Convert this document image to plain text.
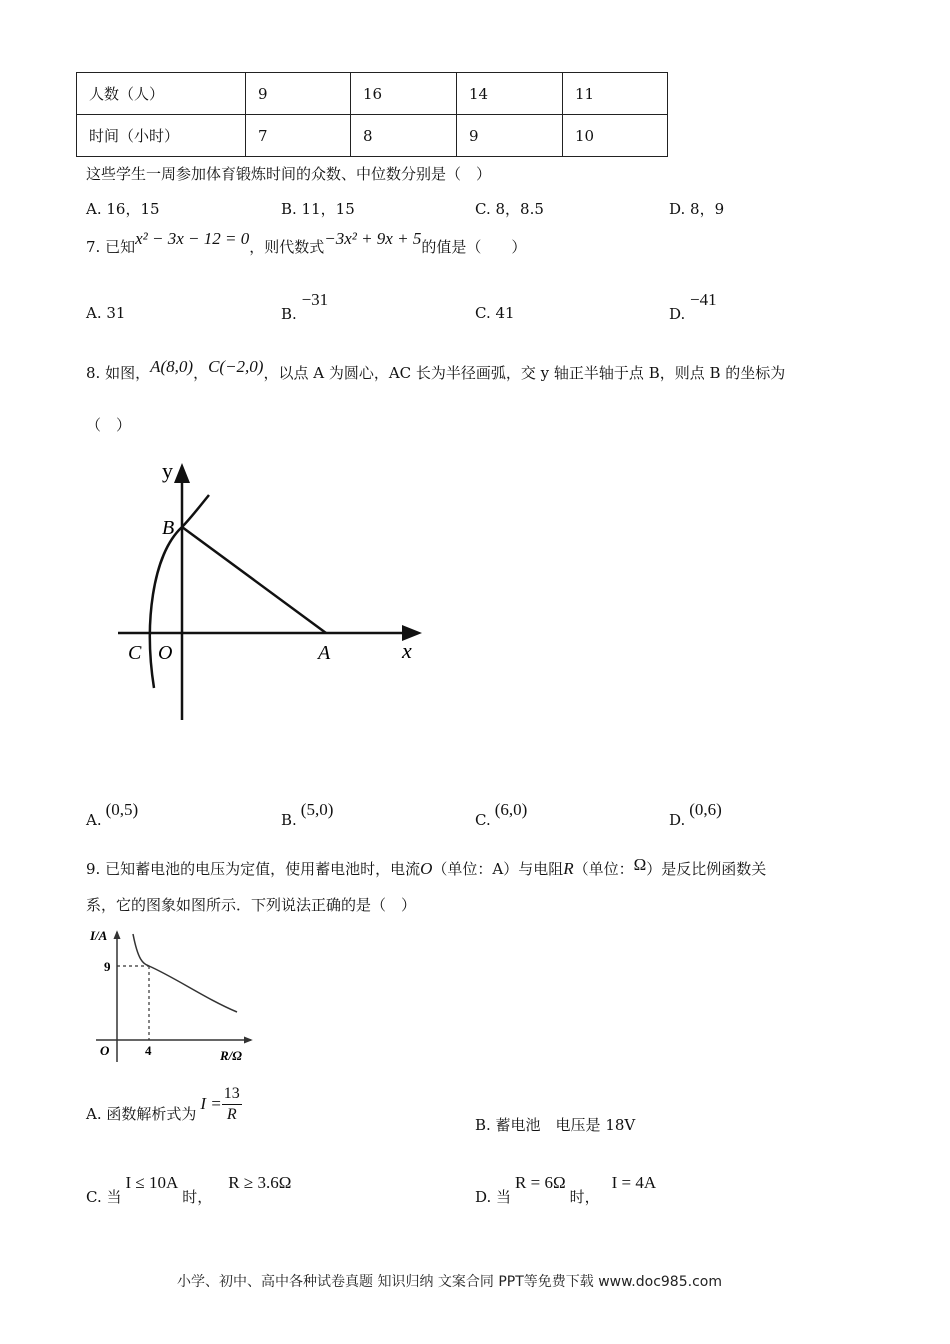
人数（人）	9	16	14	11
时间（小时）	7	8	9	10
这些学生一周参加体育锻炼时间的众数、中位数分别是（　）
A. 16，15	B. 11，15	C. 8，8.5	D. 8，9
7. 已知x² − 3x − 12 = 0，则代数式−3x² + 9x + 5的值是（　　）
A. 31	B. −31
C. 41	D. −41
8. 如图，A(8,0)，C(−2,0)，以点 A 为圆心，AC 长为半径画弧，交 y 轴正半轴于点 B，则点 B 的坐标为
（　）
y
x
B
C O	A
A.(0,5)
B.(5,0)
C.(6,0)
D.(0,6)
9. 已知蓄电池的电压为定值，使用蓄电池时，电流O（单位：A）与电阻R（单位：Ω）是反比例函数关
系，它的图象如图所示．下列说法正确的是（　）
I/A
R/Ω
O
9
4
A. 函数解析式为$I = \frac{13}{R}$	B. 蓄电池　电压是 18V
C. 当I ≤ 10A时，R ≥ 3.6Ω
D. 当R = 6Ω时，I = 4A
小学、初中、高中各种试卷真题 知识归纳 文案合同 PPT等免费下载 www.doc985.com
